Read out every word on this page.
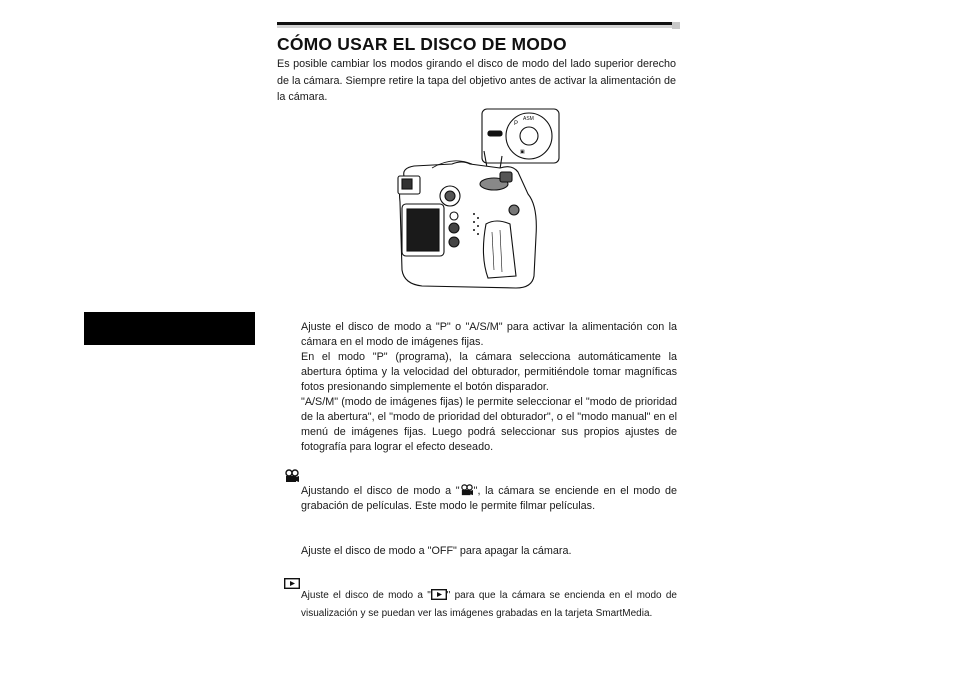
CÓMO USAR EL DISCO DE MODO

Es posible cambiar los modos girando el disco de modo del lado superior derecho de la cámara. Siempre retire la tapa del objetivo antes de activar la alimentación de la cámara.

P
ASM
▣

Ajuste el disco de modo a "P" o "A/S/M" para activar la alimentación con la cámara en el modo de imágenes fijas.

En el modo "P" (programa), la cámara selecciona automáticamente la abertura óptima y la velocidad del obturador, permitiéndole tomar magníficas fotos presionando simplemente el botón disparador.

"A/S/M" (modo de imágenes fijas) le permite seleccionar el "modo de prioridad de la abertura", el "modo de prioridad del obturador", o el "modo manual" en el menú de imágenes fijas. Luego podrá seleccionar sus propios ajustes de fotografía para lograr el efecto deseado.

Ajustando el disco de modo a " ", la cámara se enciende en el modo de grabación de películas. Este modo le permite filmar películas.

Ajuste el disco de modo a "OFF" para apagar la cámara.

Ajuste el disco de modo a " " para que la cámara se encienda en el modo de visualización y se puedan ver las imágenes grabadas en la tarjeta SmartMedia.
